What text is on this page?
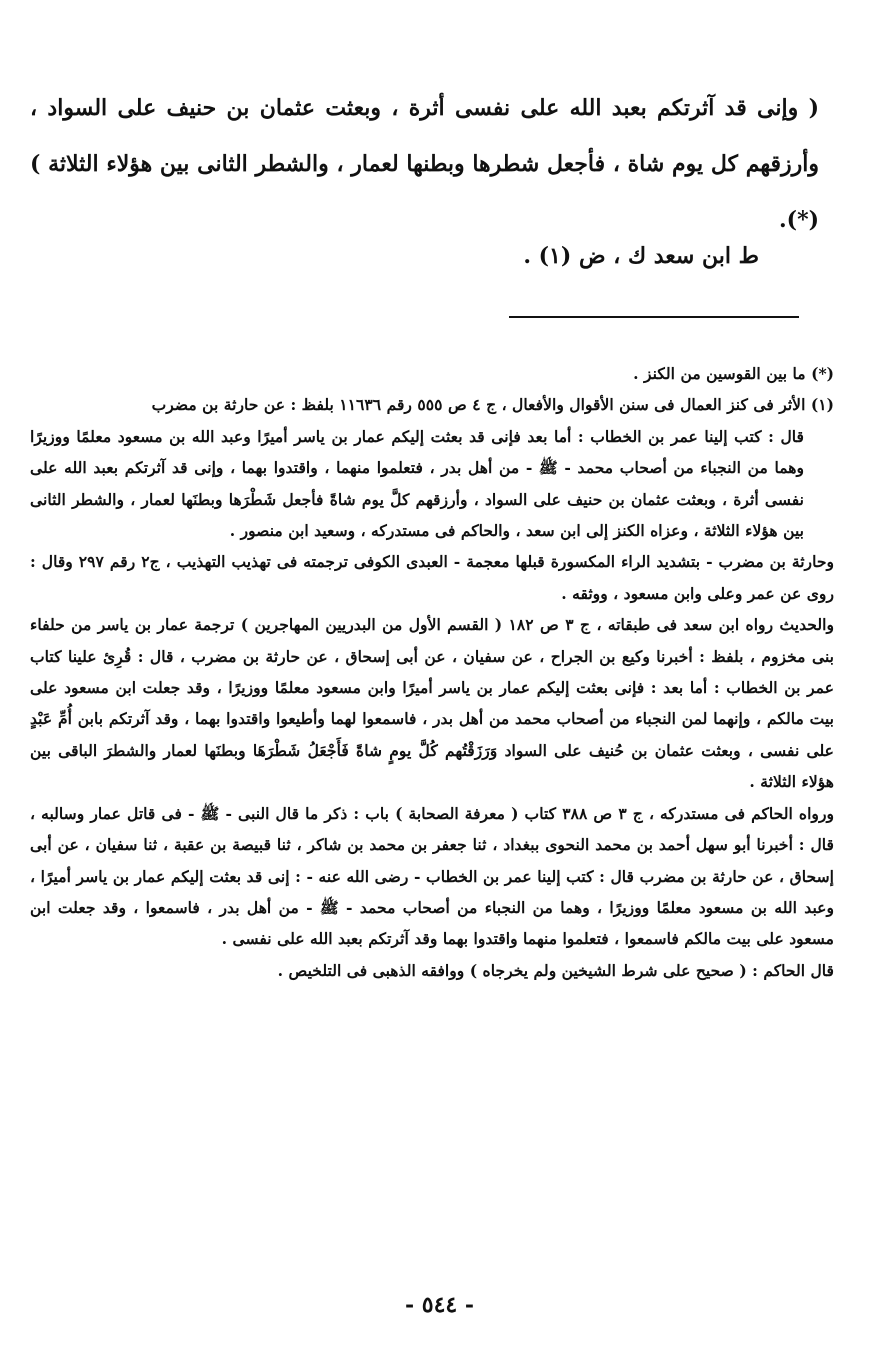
( وإنى قد آثرتكم بعبد الله على نفسى أثرة ، وبعثت عثمان بن حنيف على السواد ، وأرزقهم كل يوم شاة ، فأجعل شطرها وبطنها لعمار ، والشطر الثانى بين هؤلاء الثلاثة )(*).
ط ابن سعد ك ، ض (١) .
(*) ما بين القوسين من الكنز .
(١) الأثر فى كنز العمال فى سنن الأقوال والأفعال ، ج ٤ ص ٥٥٥ رقم ١١٦٣٦ بلفظ : عن حارثة بن مضرب
قال : كتب إلينا عمر بن الخطاب : أما بعد فإنى قد بعثت إليكم عمار بن ياسر أميرًا وعبد الله بن مسعود معلمًا ووزيرًا وهما من النجباء من أصحاب محمد - ﷺ - من أهل بدر ، فتعلموا منهما ، واقتدوا بهما ، وإنى قد آثرتكم بعبد الله على نفسى أثرة ، وبعثت عثمان بن حنيف على السواد ، وأرزقهم كلَّ يوم شاةً فأجعل شَطْرَها وبطنَها لعمار ، والشطر الثانى بين هؤلاء الثلاثة ، وعزاه الكنز إلى ابن سعد ، والحاكم فى مستدركه ، وسعيد ابن منصور .
وحارثة بن مضرب - بتشديد الراء المكسورة قبلها معجمة - العبدى الكوفى ترجمته فى تهذيب التهذيب ، ج٢ رقم ٢٩٧ وقال : روى عن عمر وعلى وابن مسعود ، ووثقه .
والحديث رواه ابن سعد فى طبقاته ، ج ٣ ص ١٨٢ ( القسم الأول من البدريين المهاجرين ) ترجمة عمار بن ياسر من حلفاء بنى مخزوم ، بلفظ : أخبرنا وكيع بن الجراح ، عن سفيان ، عن أبى إسحاق ، عن حارثة بن مضرب ، قال : قُرِئ علينا كتاب عمر بن الخطاب : أما بعد : فإنى بعثت إليكم عمار بن ياسر أميرًا وابن مسعود معلمًا ووزيرًا ، وقد جعلت ابن مسعود على بيت مالكم ، وإنهما لمن النجباء من أصحاب محمد من أهل بدر ، فاسمعوا لهما وأطيعوا واقتدوا بهما ، وقد آثرتكم بابن أُمِّ عَبْدٍ على نفسى ، وبعثت عثمان بن حُنيف على السواد وَرَزَقْتُهم كُلَّ يومٍ شاةً فَأَجْعَلُ شَطْرَهَا وبطنَها لعمار والشطرَ الباقى بين هؤلاء الثلاثة .
ورواه الحاكم فى مستدركه ، ج ٣ ص ٣٨٨ كتاب ( معرفة الصحابة ) باب : ذكر ما قال النبى - ﷺ - فى قاتل عمار وسالبه ، قال : أخبرنا أبو سهل أحمد بن محمد النحوى ببغداد ، ثنا جعفر بن محمد بن شاكر ، ثنا قبيصة بن عقبة ، ثنا سفيان ، عن أبى إسحاق ، عن حارثة بن مضرب قال : كتب إلينا عمر بن الخطاب - رضى الله عنه - : إنى قد بعثت إليكم عمار بن ياسر أميرًا ، وعبد الله بن مسعود معلمًا ووزيرًا ، وهما من النجباء من أصحاب محمد - ﷺ - من أهل بدر ، فاسمعوا ، وقد جعلت ابن مسعود على بيت مالكم فاسمعوا ، فتعلموا منهما واقتدوا بهما وقد آثرتكم بعبد الله على نفسى .
قال الحاكم : ( صحيح على شرط الشيخين ولم يخرجاه ) ووافقه الذهبى فى التلخيص .
- ٥٤٤ -
